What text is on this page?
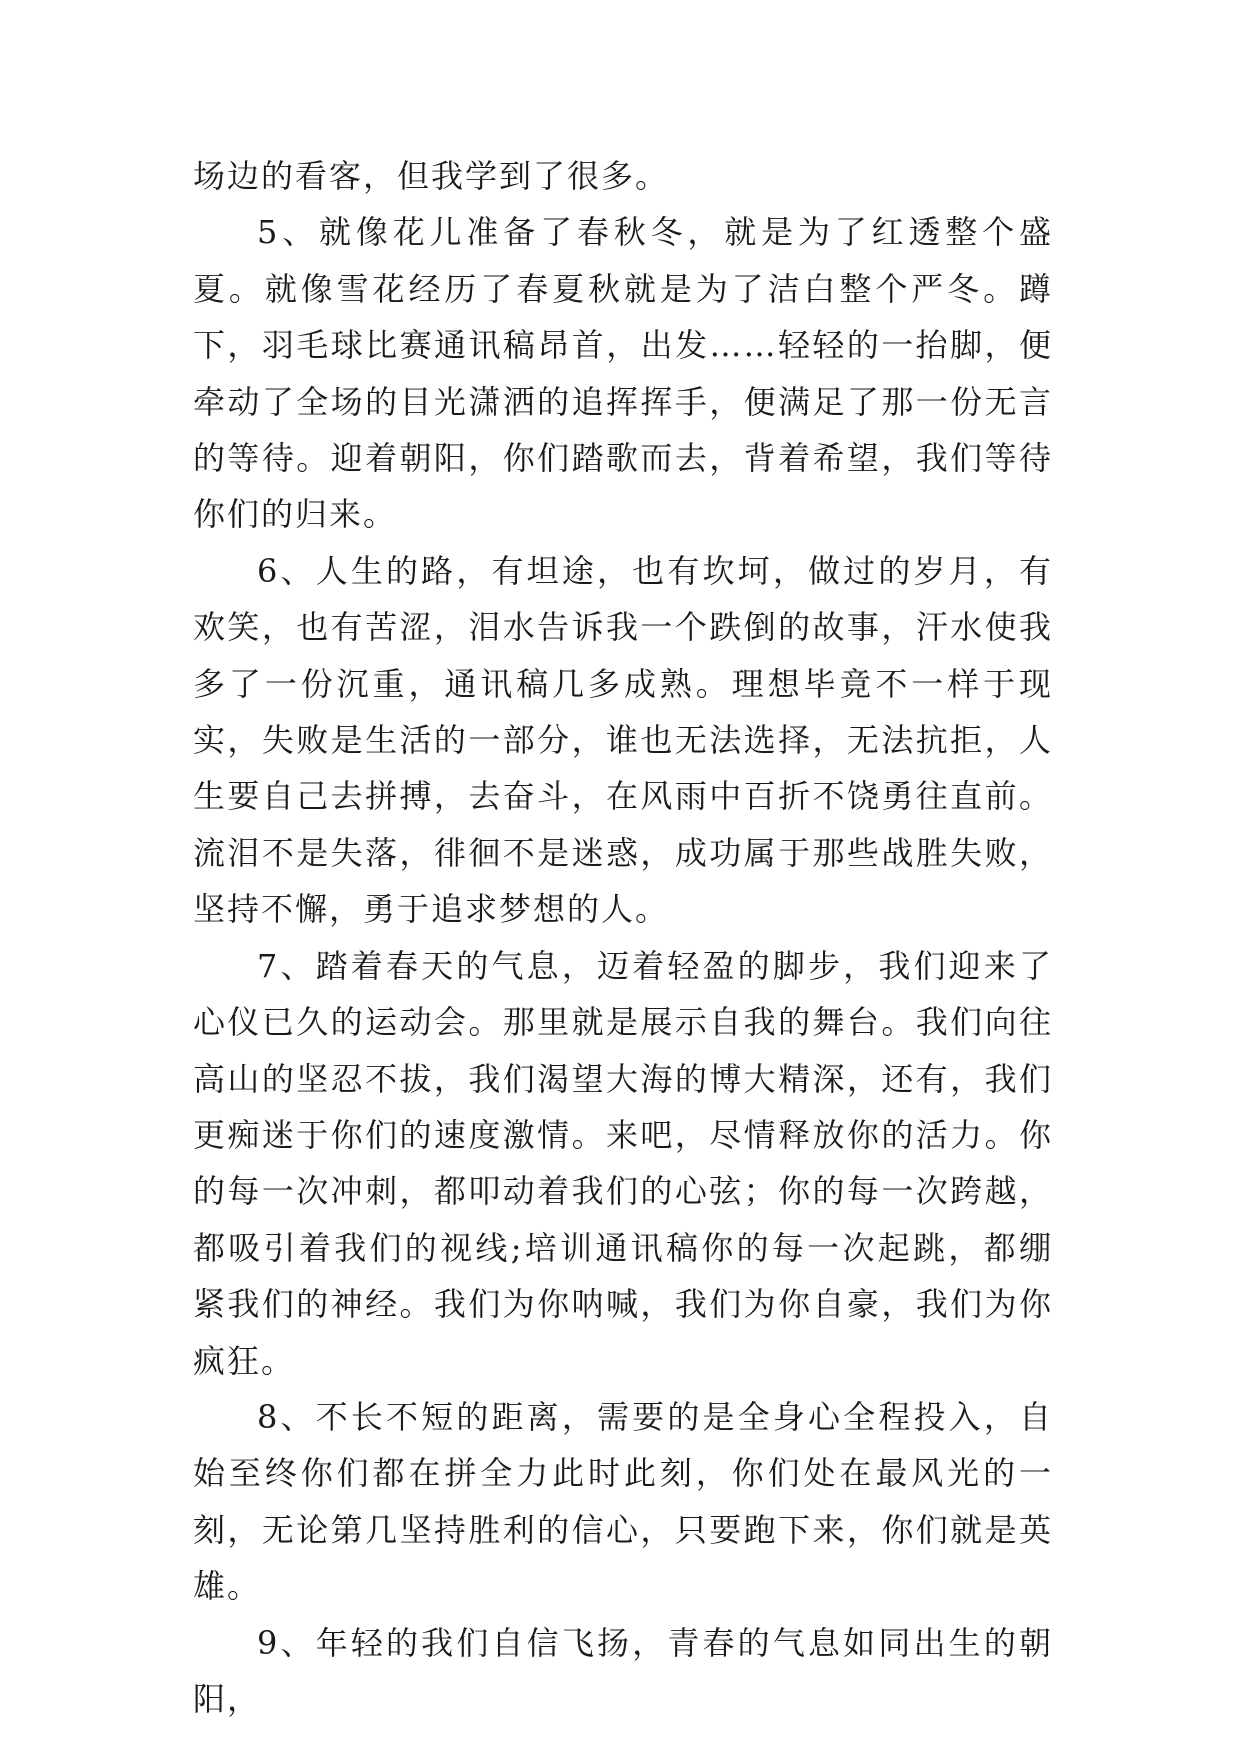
场边的看客，但我学到了很多。

5、就像花儿准备了春秋冬，就是为了红透整个盛夏。就像雪花经历了春夏秋就是为了洁白整个严冬。蹲下，羽毛球比赛通讯稿昂首，出发……轻轻的一抬脚，便牵动了全场的目光潇洒的追挥挥手，便满足了那一份无言的等待。迎着朝阳，你们踏歌而去，背着希望，我们等待你们的归来。

6、人生的路，有坦途，也有坎坷，做过的岁月，有欢笑，也有苦涩，泪水告诉我一个跌倒的故事，汗水使我多了一份沉重，通讯稿几多成熟。理想毕竟不一样于现实，失败是生活的一部分，谁也无法选择，无法抗拒，人生要自己去拼搏，去奋斗，在风雨中百折不饶勇往直前。流泪不是失落，徘徊不是迷惑，成功属于那些战胜失败，坚持不懈，勇于追求梦想的人。

7、踏着春天的气息，迈着轻盈的脚步，我们迎来了心仪已久的运动会。那里就是展示自我的舞台。我们向往高山的坚忍不拔，我们渴望大海的博大精深，还有，我们更痴迷于你们的速度激情。来吧，尽情释放你的活力。你的每一次冲刺，都叩动着我们的心弦；你的每一次跨越，都吸引着我们的视线;培训通讯稿你的每一次起跳，都绷紧我们的神经。我们为你呐喊，我们为你自豪，我们为你疯狂。

8、不长不短的距离，需要的是全身心全程投入，自始至终你们都在拼全力此时此刻，你们处在最风光的一刻，无论第几坚持胜利的信心，只要跑下来，你们就是英雄。

9、年轻的我们自信飞扬，青春的气息如同出生的朝阳，
